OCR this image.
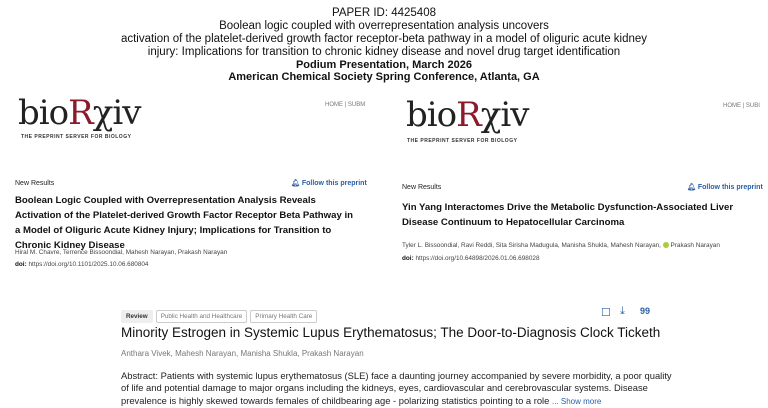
PAPER ID: 4425408
Boolean logic coupled with overrepresentation analysis uncovers
activation of the platelet-derived growth factor receptor-beta pathway in a model of oliguric acute kidney
injury: Implications for transition to chronic kidney disease and novel drug target identification
Podium Presentation, March 2026
American Chemical Society Spring Conference, Atlanta, GA
bioRχiv
THE PREPRINT SERVER FOR BIOLOGY
HOME | SUBM
New Results	🔔︎ Follow this preprint
Boolean Logic Coupled with Overrepresentation Analysis Reveals Activation of the Platelet-derived Growth Factor Receptor Beta Pathway in a Model of Oliguric Acute Kidney Injury; Implications for Transition to Chronic Kidney Disease
Hiral M. Chavre, Terrence Bissoondial, Mahesh Narayan, Prakash Narayan
doi: https://doi.org/10.1101/2025.10.06.680804
bioRχiv
THE PREPRINT SERVER FOR BIOLOGY
HOME | SUBI
New Results	🔔︎ Follow this preprint
Yin Yang Interactomes Drive the Metabolic Dysfunction-Associated Liver Disease Continuum to Hepatocellular Carcinoma
Tyler L. Bissoondial, Ravi Reddi, Sita Sirisha Madugula, Manisha Shukla, Mahesh Narayan, Prakash Narayan
doi: https://doi.org/10.64898/2026.01.06.698028
Review Public Health and Healthcare Primary Health Care	☐ ⤓ 99
Minority Estrogen in Systemic Lupus Erythematosus; The Door-to-Diagnosis Clock Ticketh
Anthara Vivek, Mahesh Narayan, Manisha Shukla, Prakash Narayan
Abstract: Patients with systemic lupus erythematosus (SLE) face a daunting journey accompanied by severe morbidity, a poor quality of life and potential damage to major organs including the kidneys, eyes, cardiovascular and cerebrovascular systems. Disease prevalence is highly skewed towards females of childbearing age - polarizing statistics pointing to a role ... Show more
